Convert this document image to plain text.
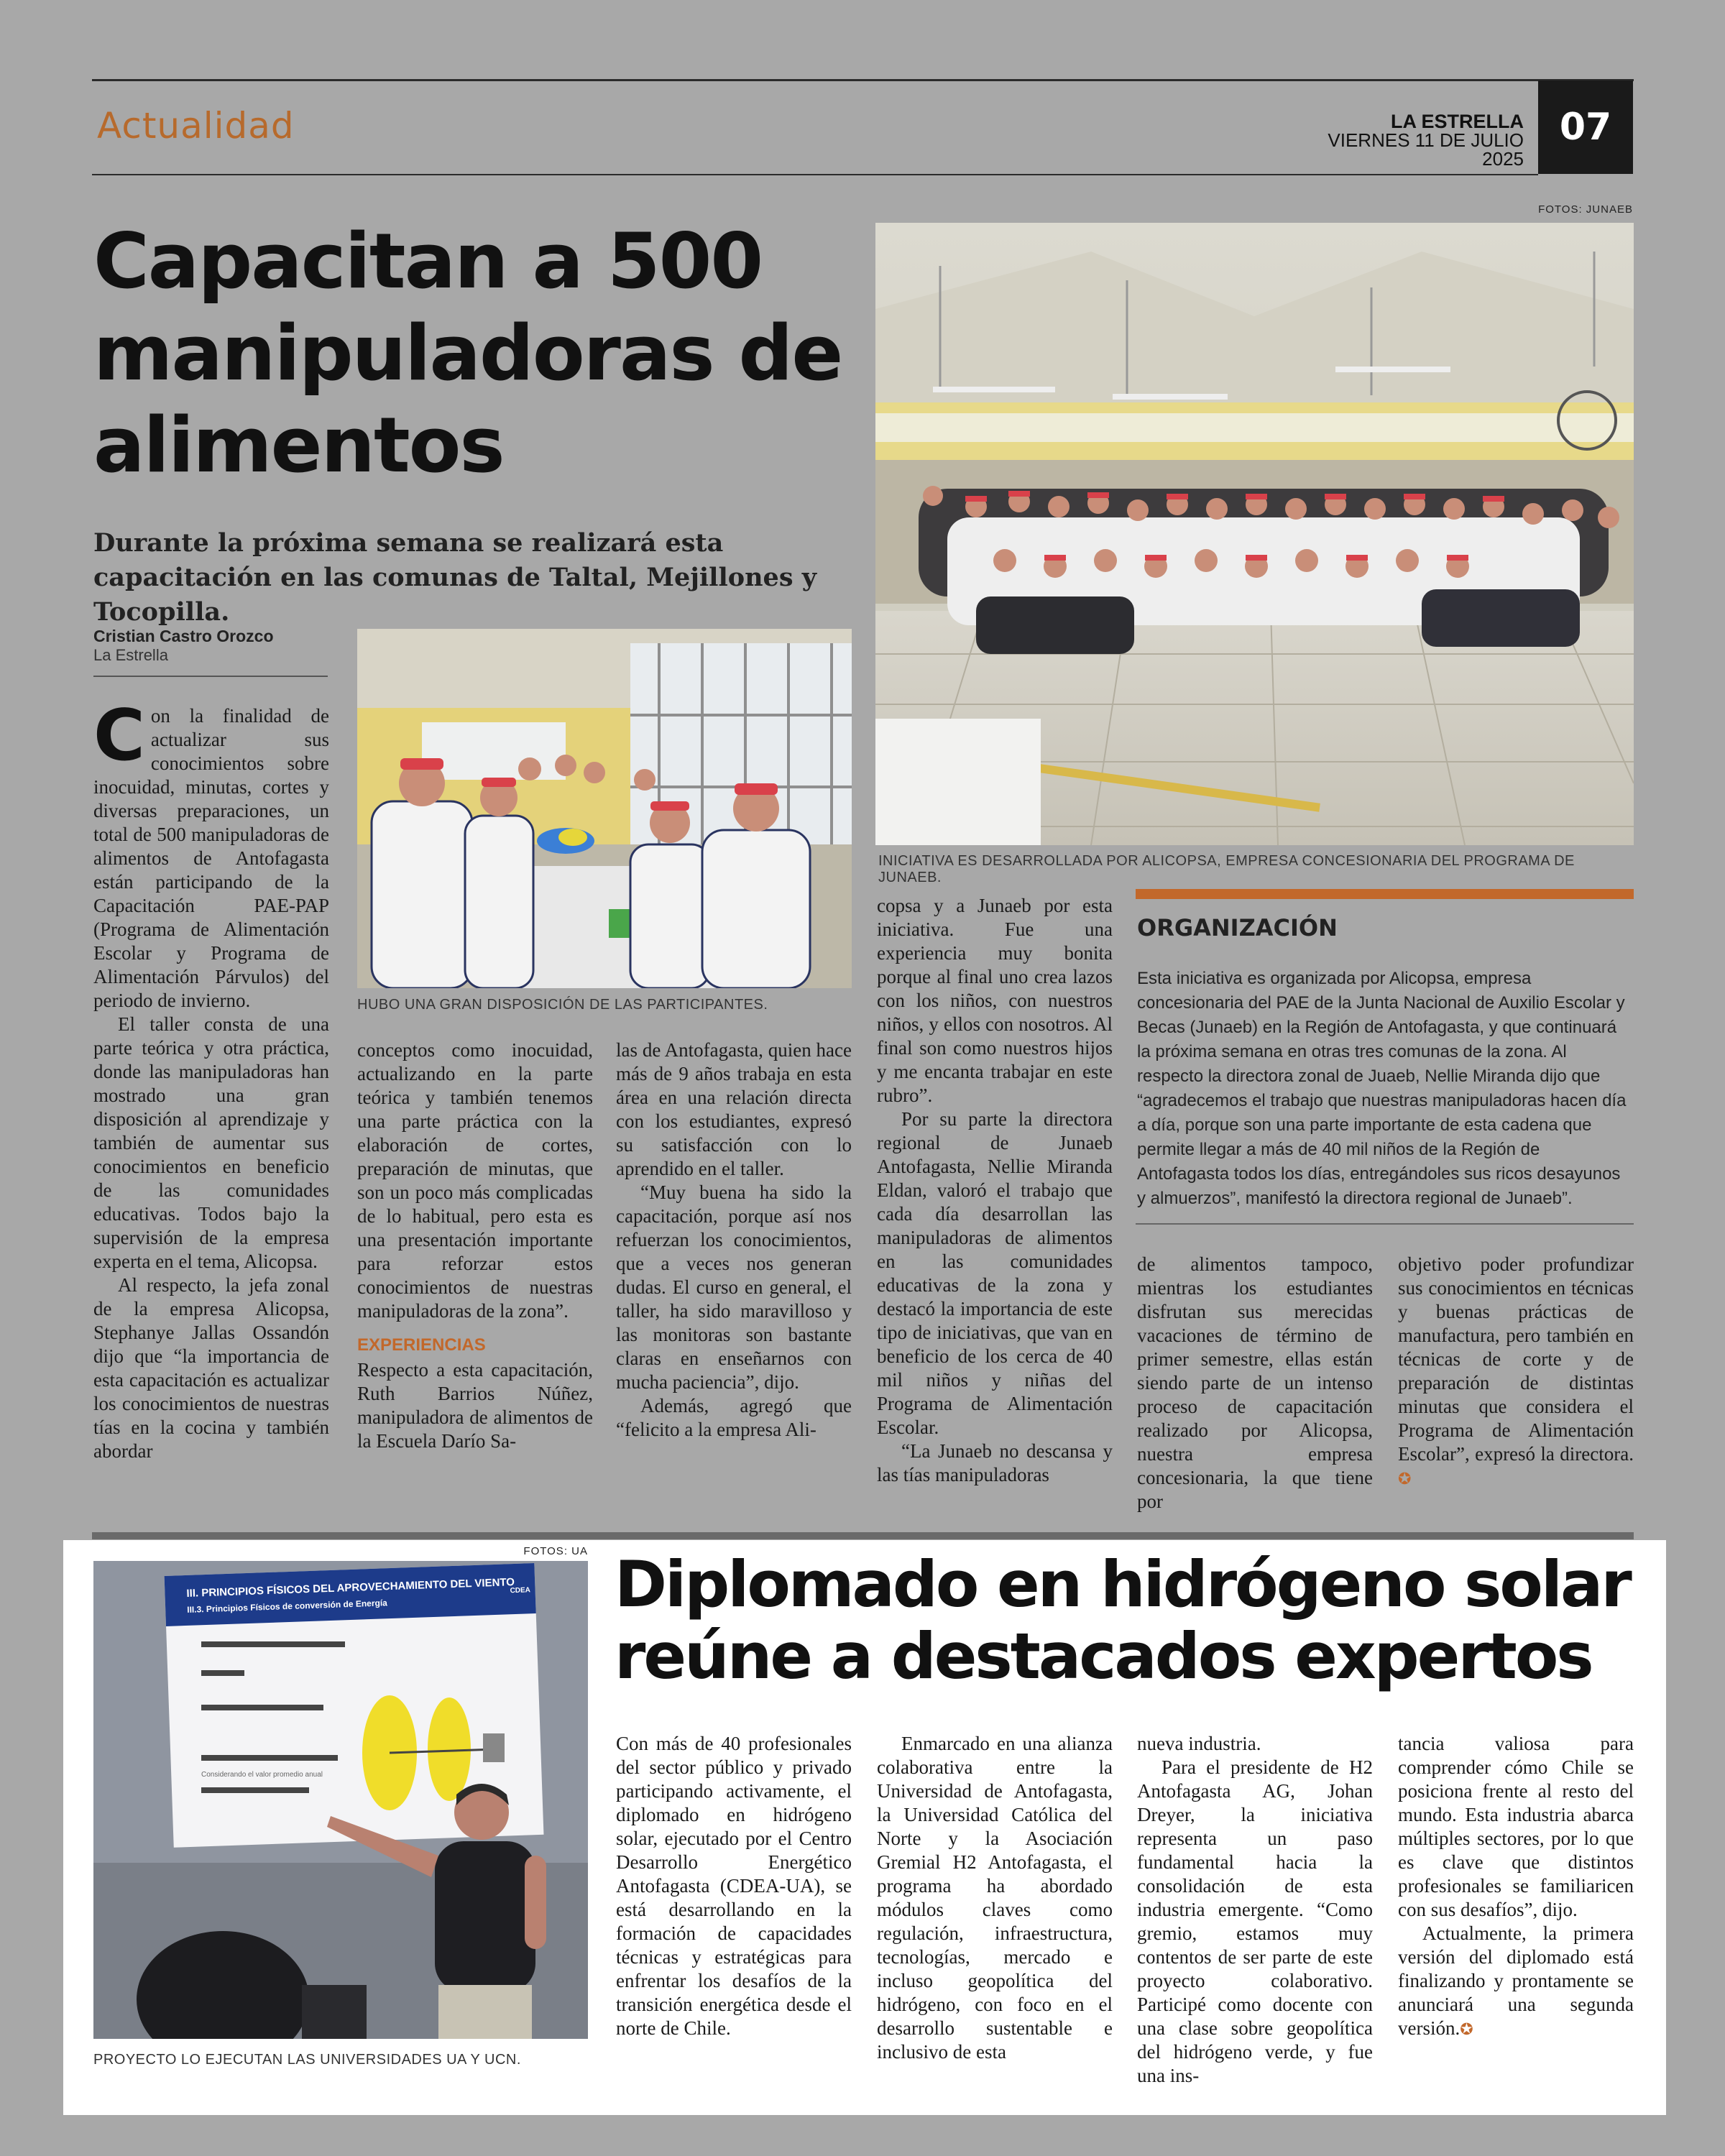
Actualidad	LA ESTRELLA
VIERNES 11 DE JULIO 2025
07
Capacitan a 500
manipuladoras de
alimentos
Durante la próxima semana se realizará esta capacitación en las comunas de Taltal, Mejillones y Tocopilla.
Cristian Castro Orozco
La Estrella
FOTOS: JUNAEB
INICIATIVA ES DESARROLLADA POR ALICOPSA, EMPRESA CONCESIONARIA DEL PROGRAMA DE JUNAEB.
HUBO UNA GRAN DISPOSICIÓN DE LAS PARTICIPANTES.

Con la finalidad de actualizar sus conocimientos sobre inocuidad, minutas, cortes y diversas preparaciones, un total de 500 manipuladoras de alimentos de Antofagasta están participando de la Capacitación PAE-PAP (Programa de Alimentación Escolar y Programa de Alimentación Párvulos) del periodo de invierno.

El taller consta de una parte teórica y otra práctica, donde las manipuladoras han mostrado una gran disposición al aprendizaje y también de aumentar sus conocimientos en beneficio de las comunidades educativas. Todos bajo la supervisión de la empresa experta en el tema, Alicopsa.

Al respecto, la jefa zonal de la empresa Alicopsa, Stephanye Jallas Ossandón dijo que “la importancia de esta capacitación es actualizar los conocimientos de nuestras tías en la cocina y también abordar

conceptos como inocuidad, actualizando en la parte teórica y también tenemos una parte práctica con la elaboración de cortes, preparación de minutas, que son un poco más complicadas de lo habitual, pero esta es una presentación importante para reforzar estos conocimientos de nuestras manipuladoras de la zona”.

EXPERIENCIAS

Respecto a esta capacitación, Ruth Barrios Núñez, manipuladora de alimentos de la Escuela Darío Sa-

las de Antofagasta, quien hace más de 9 años trabaja en esta área en una relación directa con los estudiantes, expresó su satisfacción con lo aprendido en el taller.

“Muy buena ha sido la capacitación, porque así nos refuerzan los conocimientos, que a veces nos generan dudas. El curso en general, el taller, ha sido maravilloso y las monitoras son bastante claras en enseñarnos con mucha paciencia”, dijo.

Además, agregó que “felicito a la empresa Ali-

copsa y a Junaeb por esta iniciativa. Fue una experiencia muy bonita porque al final uno crea lazos con los niños, con nuestros niños, y ellos con nosotros. Al final son como nuestros hijos y me encanta trabajar en este rubro”.

Por su parte la directora regional de Junaeb Antofagasta, Nellie Miranda Eldan, valoró el trabajo que cada día desarrollan las manipuladoras de alimentos en las comunidades educativas de la zona y destacó la importancia de este tipo de iniciativas, que van en beneficio de los cerca de 40 mil niños y niñas del Programa de Alimentación Escolar.

“La Junaeb no descansa y las tías manipuladoras

ORGANIZACIÓN
Esta iniciativa es organizada por Alicopsa, empresa concesionaria del PAE de la Junta Nacional de Auxilio Escolar y Becas (Junaeb) en la Región de Antofagasta, y que continuará la próxima semana en otras tres comunas de la zona. Al respecto la directora zonal de Juaeb, Nellie Miranda dijo que “agradecemos el trabajo que nuestras manipuladoras hacen día a día, porque son una parte importante de esta cadena que permite llegar a más de 40 mil niños de la Región de Antofagasta todos los días, entregándoles sus ricos desayunos y almuerzos”, manifestó la directora regional de Junaeb”.

de alimentos tampoco, mientras los estudiantes disfrutan sus merecidas vacaciones de término de primer semestre, ellas están siendo parte de un intenso proceso de capacitación realizado por Alicopsa, nuestra empresa concesionaria, la que tiene por

objetivo poder profundizar sus conocimientos en técnicas y buenas prácticas de manufactura, pero también en técnicas de corte y de preparación de distintas minutas que considera el Programa de Alimentación Escolar”, expresó la directora. ✪

FOTOS: UA
III. PRINCIPIOS FÍSICOS DEL APROVECHAMIENTO DEL VIENTO
III.3. Principios Físicos de conversión de Energía
CDEA
Considerando el valor promedio anual
PROYECTO LO EJECUTAN LAS UNIVERSIDADES UA Y UCN.
Diplomado en hidrógeno solar
reúne a destacados expertos

Con más de 40 profesionales del sector público y privado participando activamente, el diplomado en hidrógeno solar, ejecutado por el Centro Desarrollo Energético Antofagasta (CDEA-UA), se está desarrollando en la formación de capacidades técnicas y estratégicas para enfrentar los desafíos de la transición energética desde el norte de Chile.

Enmarcado en una alianza colaborativa entre la Universidad de Antofagasta, la Universidad Católica del Norte y la Asociación Gremial H2 Antofagasta, el programa ha abordado módulos claves como regulación, infraestructura, tecnologías, mercado e incluso geopolítica del hidrógeno, con foco en el desarrollo sustentable e inclusivo de esta

nueva industria.

Para el presidente de H2 Antofagasta AG, Johan Dreyer, la iniciativa representa un paso fundamental hacia la consolidación de esta industria emergente. “Como gremio, estamos muy contentos de ser parte de este proyecto colaborativo. Participé como docente con una clase sobre geopolítica del hidrógeno verde, y fue una ins-

tancia valiosa para comprender cómo Chile se posiciona frente al resto del mundo. Esta industria abarca múltiples sectores, por lo que es clave que distintos profesionales se familiaricen con sus desafíos”, dijo.

Actualmente, la primera versión del diplomado está finalizando y prontamente se anunciará una segunda versión.✪
